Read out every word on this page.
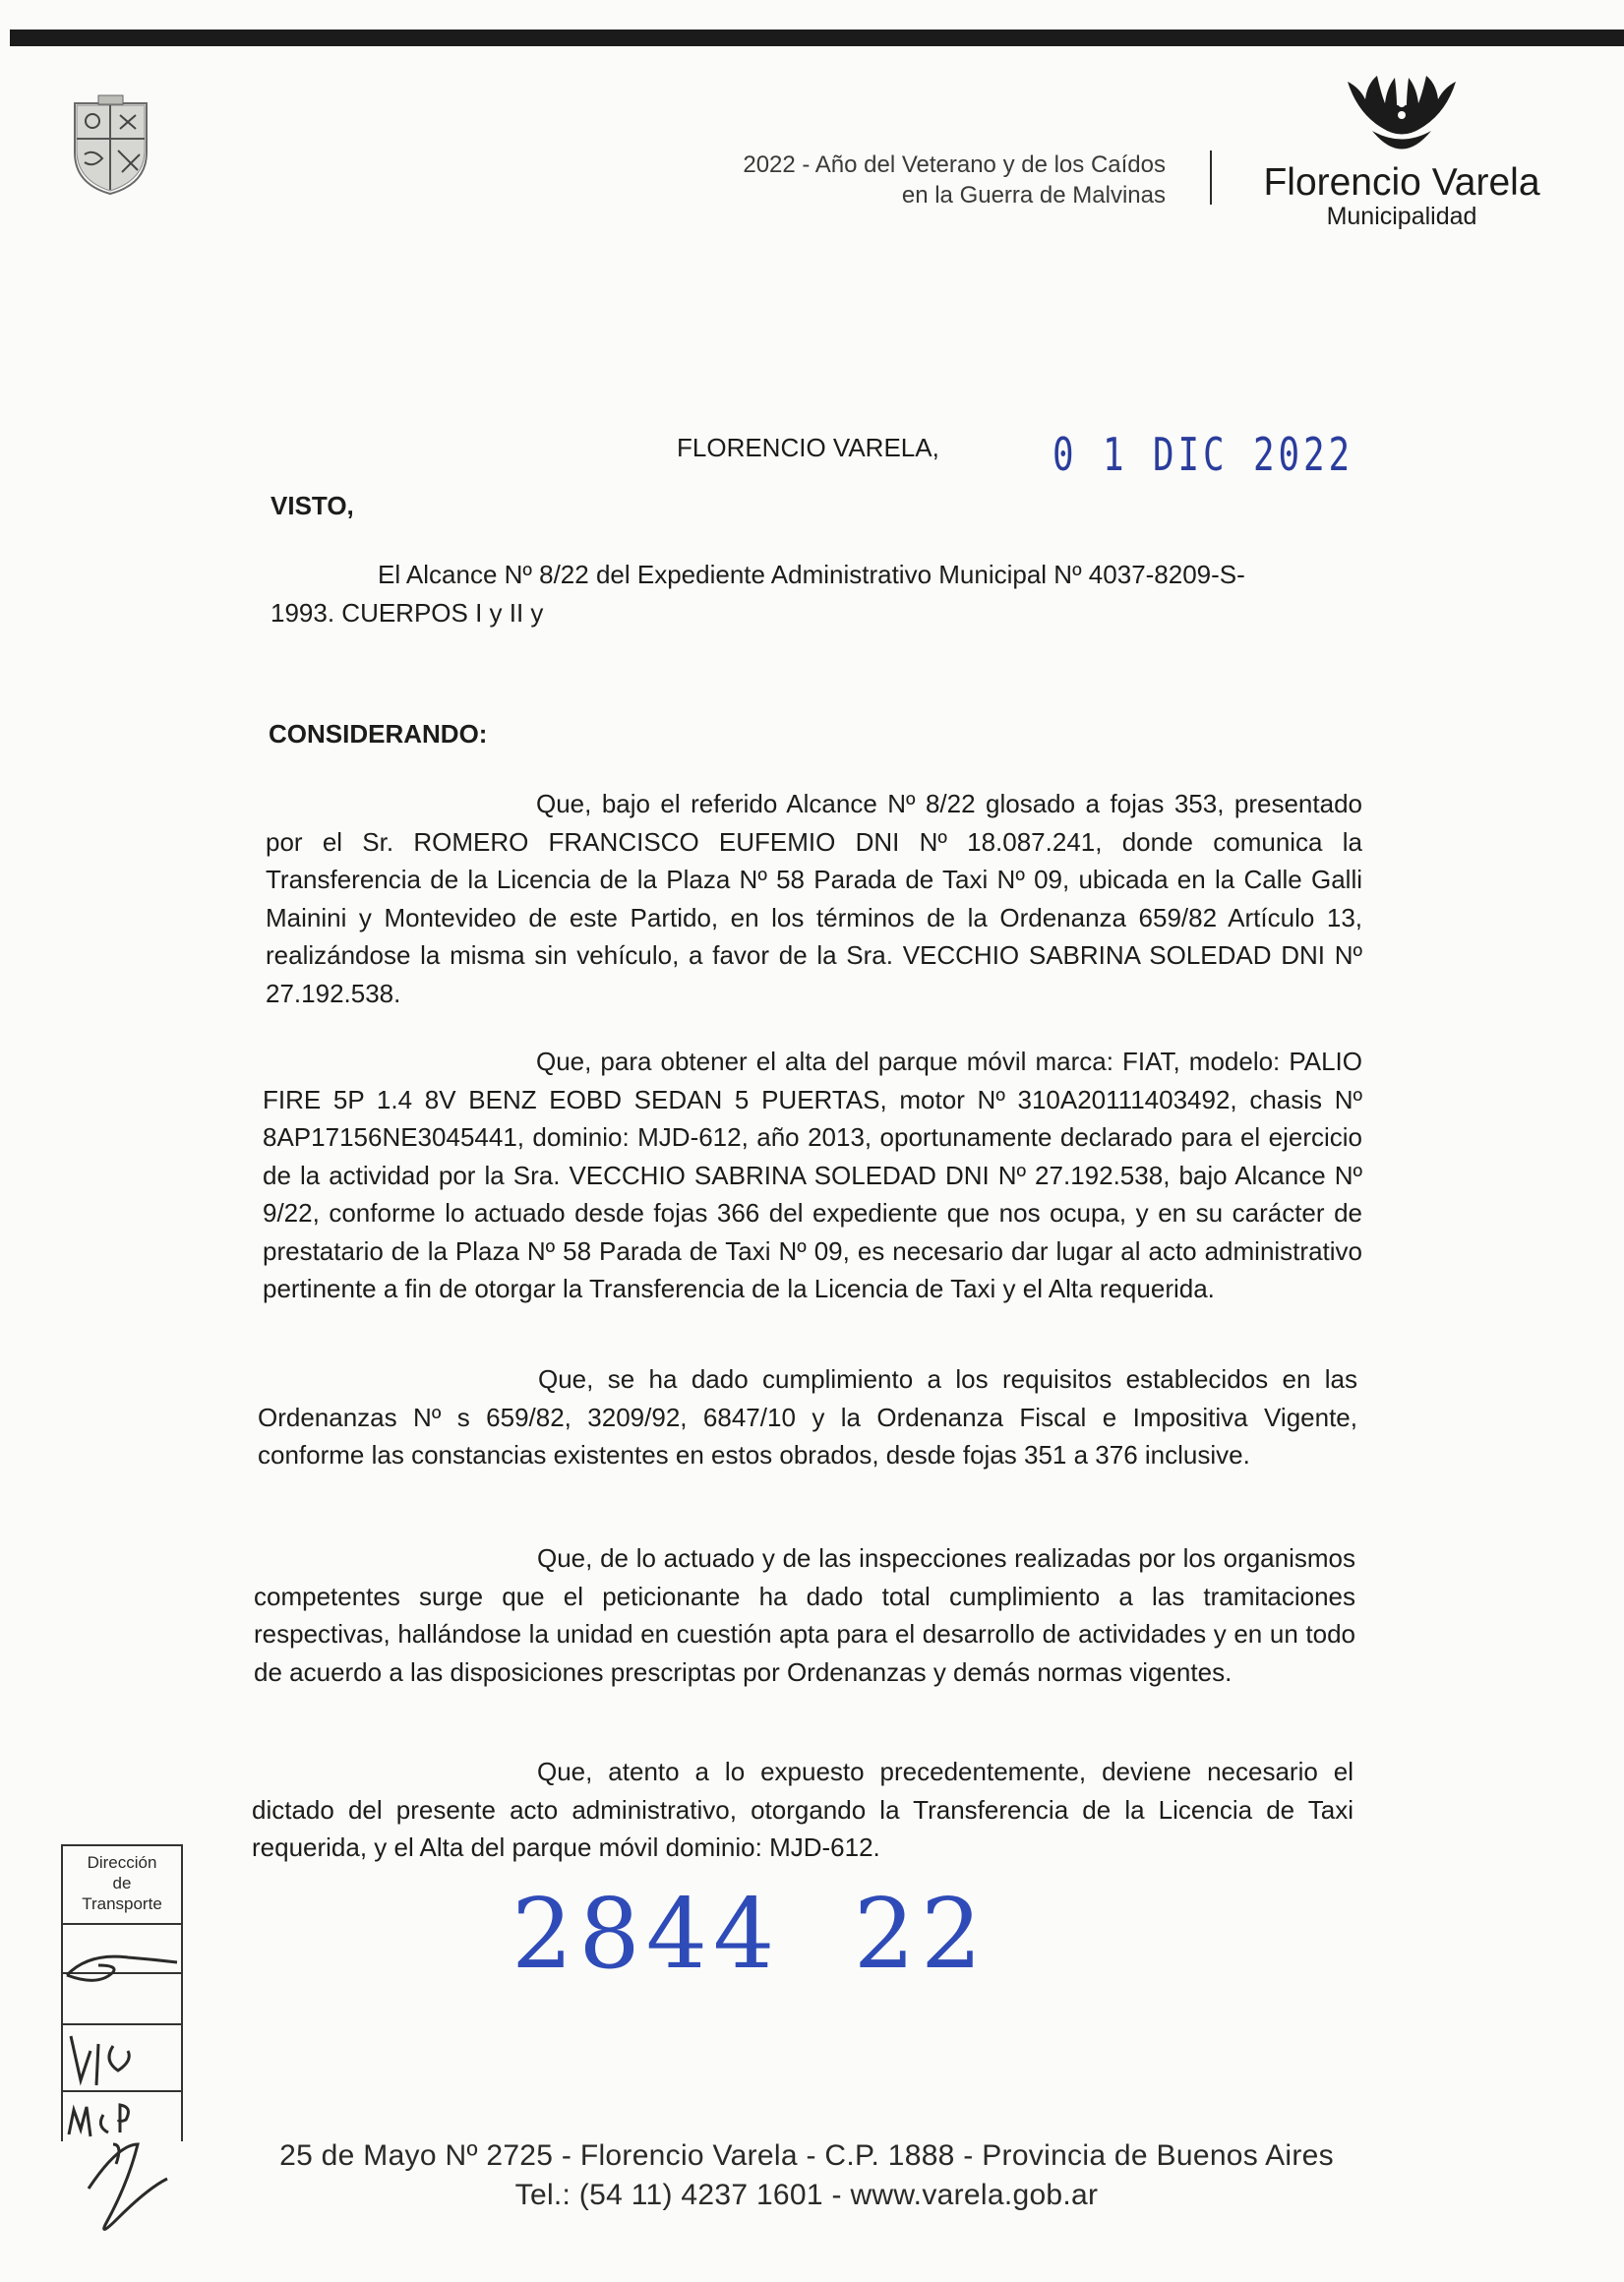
2022 - Año del Veterano y de los Caídos
en la Guerra de Malvinas	Florencio Varela
Municipalidad
FLORENCIO VARELA,	0 1 DIC 2022
VISTO,
El Alcance Nº 8/22 del Expediente Administrativo Municipal Nº 4037-8209-S-
1993. CUERPOS I y II y
CONSIDERANDO:
Que, bajo el referido Alcance Nº 8/22 glosado a fojas 353, presentado por el Sr. ROMERO FRANCISCO EUFEMIO DNI Nº 18.087.241, donde comunica la Transferencia de la Licencia de la Plaza Nº 58 Parada de Taxi Nº 09, ubicada en la Calle Galli Mainini y Montevideo de este Partido, en los términos de la Ordenanza 659/82 Artículo 13, realizándose la misma sin vehículo, a favor de la Sra. VECCHIO SABRINA SOLEDAD DNI Nº 27.192.538.
Que, para obtener el alta del parque móvil marca: FIAT, modelo: PALIO FIRE 5P 1.4 8V BENZ EOBD SEDAN 5 PUERTAS, motor Nº 310A20111403492, chasis Nº 8AP17156NE3045441, dominio: MJD-612, año 2013, oportunamente declarado para el ejercicio de la actividad por la Sra. VECCHIO SABRINA SOLEDAD DNI Nº 27.192.538, bajo Alcance Nº 9/22, conforme lo actuado desde fojas 366 del expediente que nos ocupa, y en su carácter de prestatario de la Plaza Nº 58 Parada de Taxi Nº 09, es necesario dar lugar al acto administrativo pertinente a fin de otorgar la Transferencia de la Licencia de Taxi y el Alta requerida.
Que, se ha dado cumplimiento a los requisitos establecidos en las Ordenanzas Nº s 659/82, 3209/92, 6847/10 y la Ordenanza Fiscal e Impositiva Vigente, conforme las constancias existentes en estos obrados, desde fojas 351 a 376 inclusive.
Que, de lo actuado y de las inspecciones realizadas por los organismos competentes surge que el peticionante ha dado total cumplimiento a las tramitaciones respectivas, hallándose la unidad en cuestión apta para el desarrollo de actividades y en un todo de acuerdo a las disposiciones prescriptas por Ordenanzas y demás normas vigentes.
Que, atento a lo expuesto precedentemente, deviene necesario el dictado del presente acto administrativo, otorgando la Transferencia de la Licencia de Taxi requerida, y el Alta del parque móvil dominio: MJD-612.
2844  22
Dirección
de
Transporte
25 de Mayo Nº 2725 - Florencio Varela - C.P. 1888 - Provincia de Buenos Aires
Tel.: (54 11) 4237 1601 - www.varela.gob.ar
